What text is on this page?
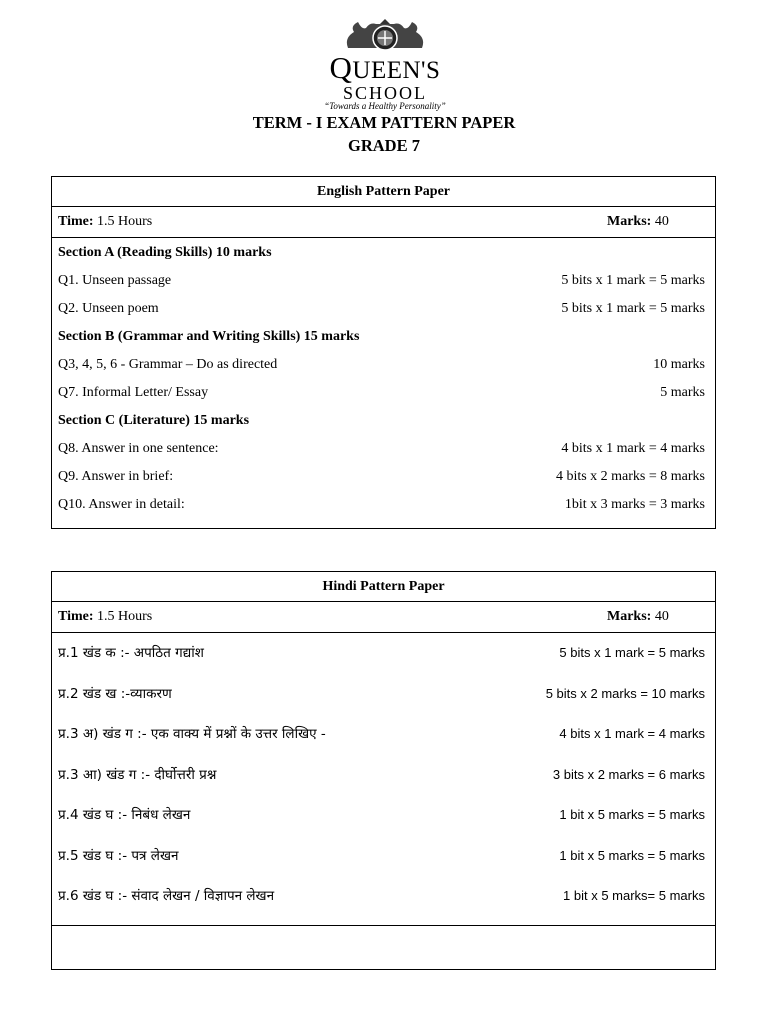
QUEEN'S
SCHOOL
“Towards a Healthy Personality”
TERM - I EXAM PATTERN PAPER
GRADE 7
English Pattern Paper
Time: 1.5 Hours	Marks: 40
Section A (Reading Skills) 10 marks
Q1. Unseen passage	5 bits x 1 mark = 5 marks
Q2. Unseen poem	5 bits x 1 mark = 5 marks
Section B (Grammar and Writing Skills) 15 marks
Q3, 4, 5, 6 - Grammar – Do as directed	10 marks
Q7. Informal Letter/ Essay	5 marks
Section C (Literature) 15 marks
Q8. Answer in one sentence:	4 bits x 1 mark = 4 marks
Q9. Answer in brief:	4 bits x 2 marks = 8 marks
Q10. Answer in detail:	1bit x 3 marks = 3 marks
Hindi Pattern Paper
Time: 1.5 Hours	Marks: 40
प्र.1 खंड क :- अपठित गद्यांश	5 bits x 1 mark = 5 marks
प्र.2 खंड ख :-व्याकरण	5 bits x 2 marks = 10 marks
प्र.3 अ) खंड ग :- एक वाक्य में प्रश्नों के उत्तर लिखिए -	4 bits x 1 mark = 4 marks
प्र.3 आ) खंड ग :- दीर्घोत्तरी प्रश्न	3 bits x 2 marks = 6 marks
प्र.4 खंड घ :- निबंध लेखन	1 bit x 5 marks = 5 marks
प्र.5 खंड घ :- पत्र लेखन	1 bit x 5 marks = 5 marks
प्र.6 खंड घ :- संवाद लेखन / विज्ञापन लेखन	1 bit x 5 marks= 5 marks
